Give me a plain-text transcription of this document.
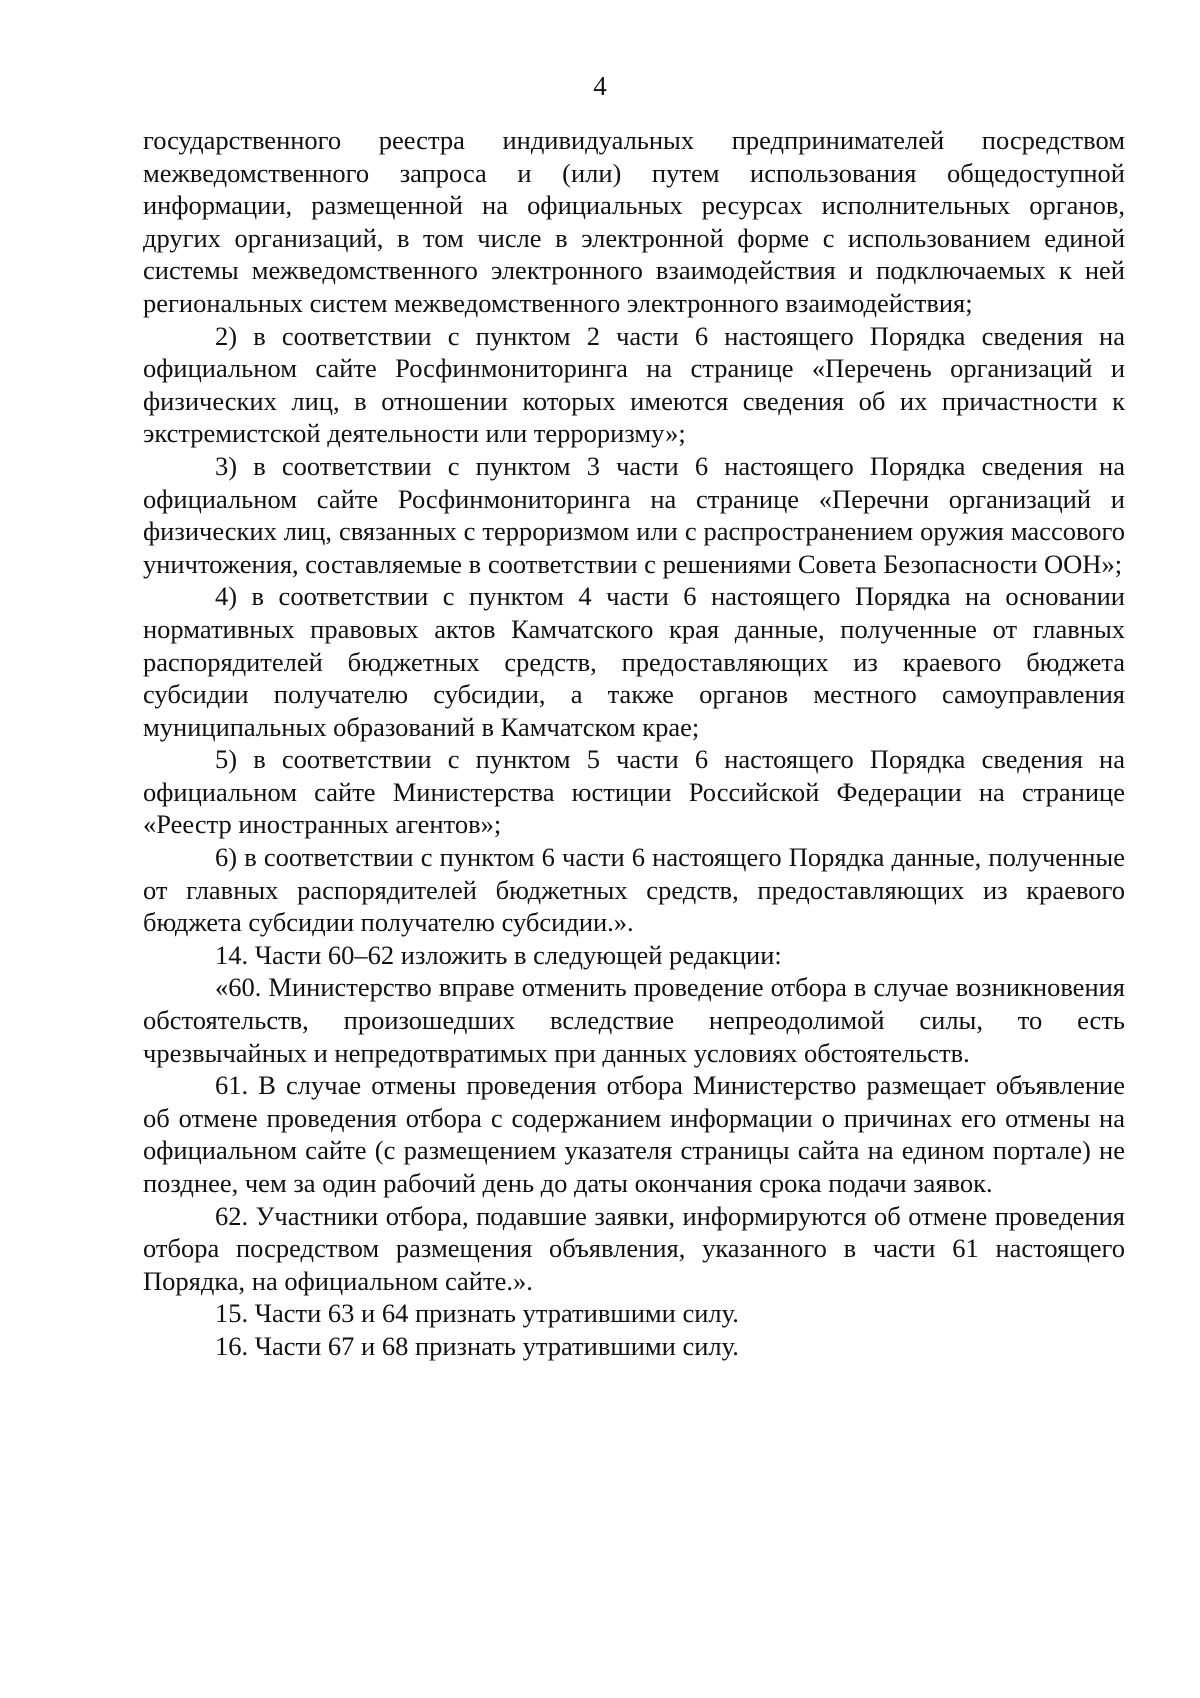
4

государственного реестра индивидуальных предпринимателей посредством межведомственного запроса и (или) путем использования общедоступной информации, размещенной на официальных ресурсах исполнительных органов, других организаций, в том числе в электронной форме с использованием единой системы межведомственного электронного взаимодействия и подключаемых к ней региональных систем межведомственного электронного взаимодействия;

2) в соответствии с пунктом 2 части 6 настоящего Порядка сведения на официальном сайте Росфинмониторинга на странице «Перечень организаций и физических лиц, в отношении которых имеются сведения об их причастности к экстремистской деятельности или терроризму»;

3) в соответствии с пунктом 3 части 6 настоящего Порядка сведения на официальном сайте Росфинмониторинга на странице «Перечни организаций и физических лиц, связанных с терроризмом или с распространением оружия массового уничтожения, составляемые в соответствии с решениями Совета Безопасности ООН»;

4) в соответствии с пунктом 4 части 6 настоящего Порядка на основании нормативных правовых актов Камчатского края данные, полученные от главных распорядителей бюджетных средств, предоставляющих из краевого бюджета субсидии получателю субсидии, а также органов местного самоуправления муниципальных образований в Камчатском крае;

5) в соответствии с пунктом 5 части 6 настоящего Порядка сведения на официальном сайте Министерства юстиции Российской Федерации на странице «Реестр иностранных агентов»;

6) в соответствии с пунктом 6 части 6 настоящего Порядка данные, полученные от главных распорядителей бюджетных средств, предоставляющих из краевого бюджета субсидии получателю субсидии.».

14. Части 60–62 изложить в следующей редакции:

«60. Министерство вправе отменить проведение отбора в случае возникновения обстоятельств, произошедших вследствие непреодолимой силы, то есть чрезвычайных и непредотвратимых при данных условиях обстоятельств.

61. В случае отмены проведения отбора Министерство размещает объявление об отмене проведения отбора с содержанием информации о причинах его отмены на официальном сайте (с размещением указателя страницы сайта на едином портале) не позднее, чем за один рабочий день до даты окончания срока подачи заявок.

62. Участники отбора, подавшие заявки, информируются об отмене проведения отбора посредством размещения объявления, указанного в части 61 настоящего Порядка, на официальном сайте.».

15. Части 63 и 64 признать утратившими силу.

16. Части 67 и 68 признать утратившими силу.
